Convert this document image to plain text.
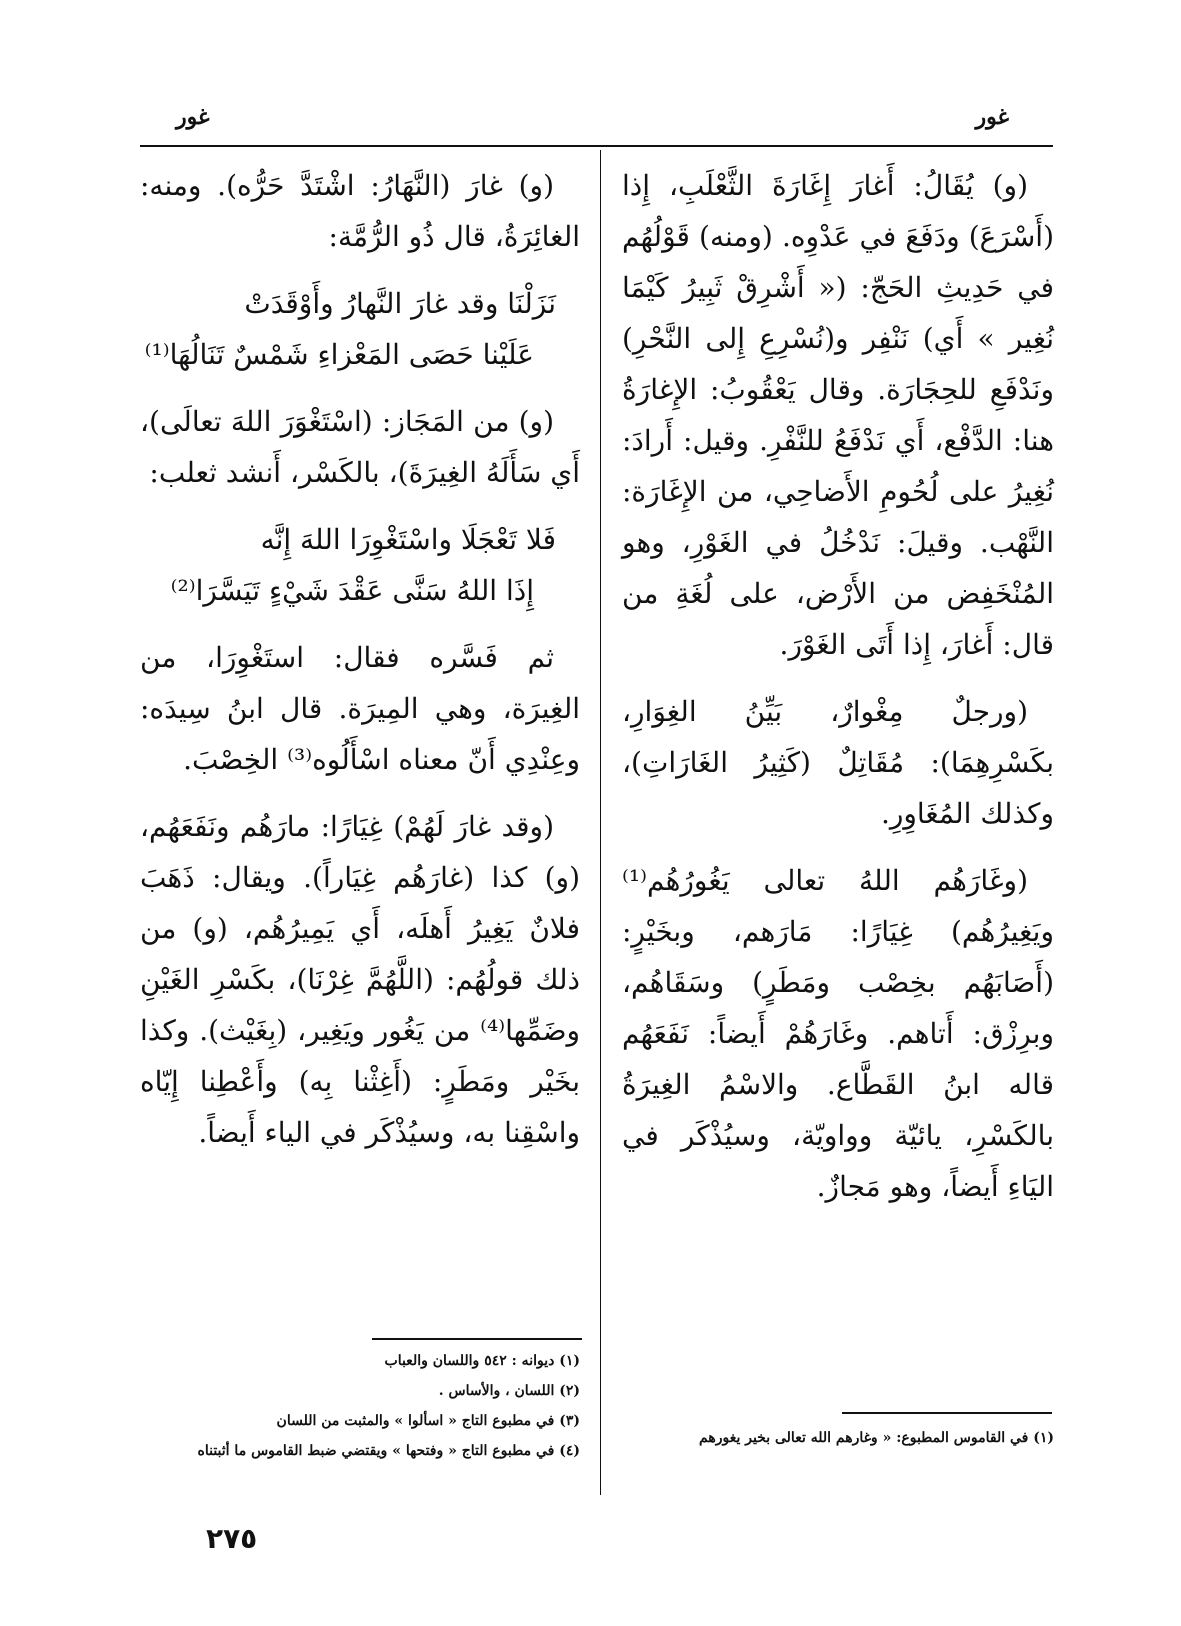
غور
غور

(و) يُقَالُ: أَغارَ إِغَارَةَ الثَّعْلَبِ، إِذا (أَسْرَعَ) ودَفَعَ في عَدْوِه. (ومنه) قَوْلُهُم في حَدِيثِ الحَجّ: (« أَشْرِقْ ثَبِيرُ كَيْمَا نُغِير » أَي) نَنْفِر و(نُسْرِعِ إِلى النَّحْرِ) ونَدْفَعِ للحِجَارَة. وقال يَعْقُوبُ: الإِغارَةُ هنا: الدَّفْع، أَي نَدْفَعُ للنَّفْرِ. وقيل: أَرادَ: نُغِيرُ على لُحُومِ الأَضاحِي، من الإِغَارَة: النَّهْب. وقيلَ: نَدْخُلُ في الغَوْرِ، وهو المُنْخَفِض من الأَرْض، على لُغَةِ من قال: أَغارَ، إِذا أَتَى الغَوْرَ.

(ورجلٌ مِغْوارٌ، بَيِّنُ الغِوَارِ، بكَسْرِهِمَا): مُقَاتِلٌ (كَثِيرُ الغَارَاتِ)، وكذلك المُغَاوِرِ.

(وغَارَهُم اللهُ تعالى يَغُورُهُم⁽¹⁾ ويَغِيرُهُم) غِيَارًا: مَارَهم، وبخَيْرٍ: (أَصَابَهُم بخِصْب ومَطَرٍ) وسَقَاهُم، وبرِزْق: أَتاهم. وغَارَهُمْ أَيضاً: نَفَعَهُم قاله ابنُ القَطَّاع. والاسْمُ الغِيرَةُ بالكَسْرِ، يائيّة وواويّة، وسيُذْكَر في اليَاءِ أَيضاً، وهو مَجازٌ.

(و) غارَ (النَّهَارُ: اشْتَدَّ حَرُّه). ومنه: الغائِرَةُ، قال ذُو الرُّمَّة:

نَزَلْنَا وقد غارَ النَّهارُ وأَوْقَدَتْ
عَلَيْنا حَصَى المَعْزاءِ شَمْسٌ تَنَالُهَا⁽¹⁾

(و) من المَجَاز: (اسْتَغْوَرَ اللهَ تعالَى)، أَي سَأَلَهُ الغِيرَةَ)، بالكَسْر، أَنشد ثعلب:

فَلا تَعْجَلَا واسْتَغْوِرَا اللهَ إِنَّه
إِذَا اللهُ سَنَّى عَقْدَ شَيْءٍ تَيَسَّرَا⁽²⁾

ثم فَسَّره فقال: استَغْوِرَا، من الغِيرَة، وهي المِيرَة. قال ابنُ سِيدَه: وعِنْدِي أَنّ معناه اسْأَلُوه⁽³⁾ الخِصْبَ.

(وقد غارَ لَهُمْ) غِيَارًا: مارَهُم ونَفَعَهُم، (و) كذا (غارَهُم غِيَاراً). ويقال: ذَهَبَ فلانٌ يَغِيرُ أَهلَه، أَي يَمِيرُهُم، (و) من ذلك قولُهُم: (اللَّهُمَّ غِرْنَا)، بكَسْرِ الغَيْنِ وضَمِّها⁽⁴⁾ من يَغُور ويَغِير، (بِغَيْث). وكذا بخَيْر ومَطَرٍ: (أَغِثْنا بِه) وأَعْطِنا إِيّاه واسْقِنا به، وسيُذْكَر في الياء أَيضاً.

(١) في القاموس المطبوع: « وغارهم الله تعالى بخير يغورهم
(١) ديوانه : ٥٤٢ واللسان والعباب
(٢) اللسان ، والأساس .
(٣) في مطبوع التاج « اسألوا » والمثبت من اللسان
(٤) في مطبوع التاج « وفتحها » ويقتضي ضبط القاموس ما أثبتناه
٢٧٥
